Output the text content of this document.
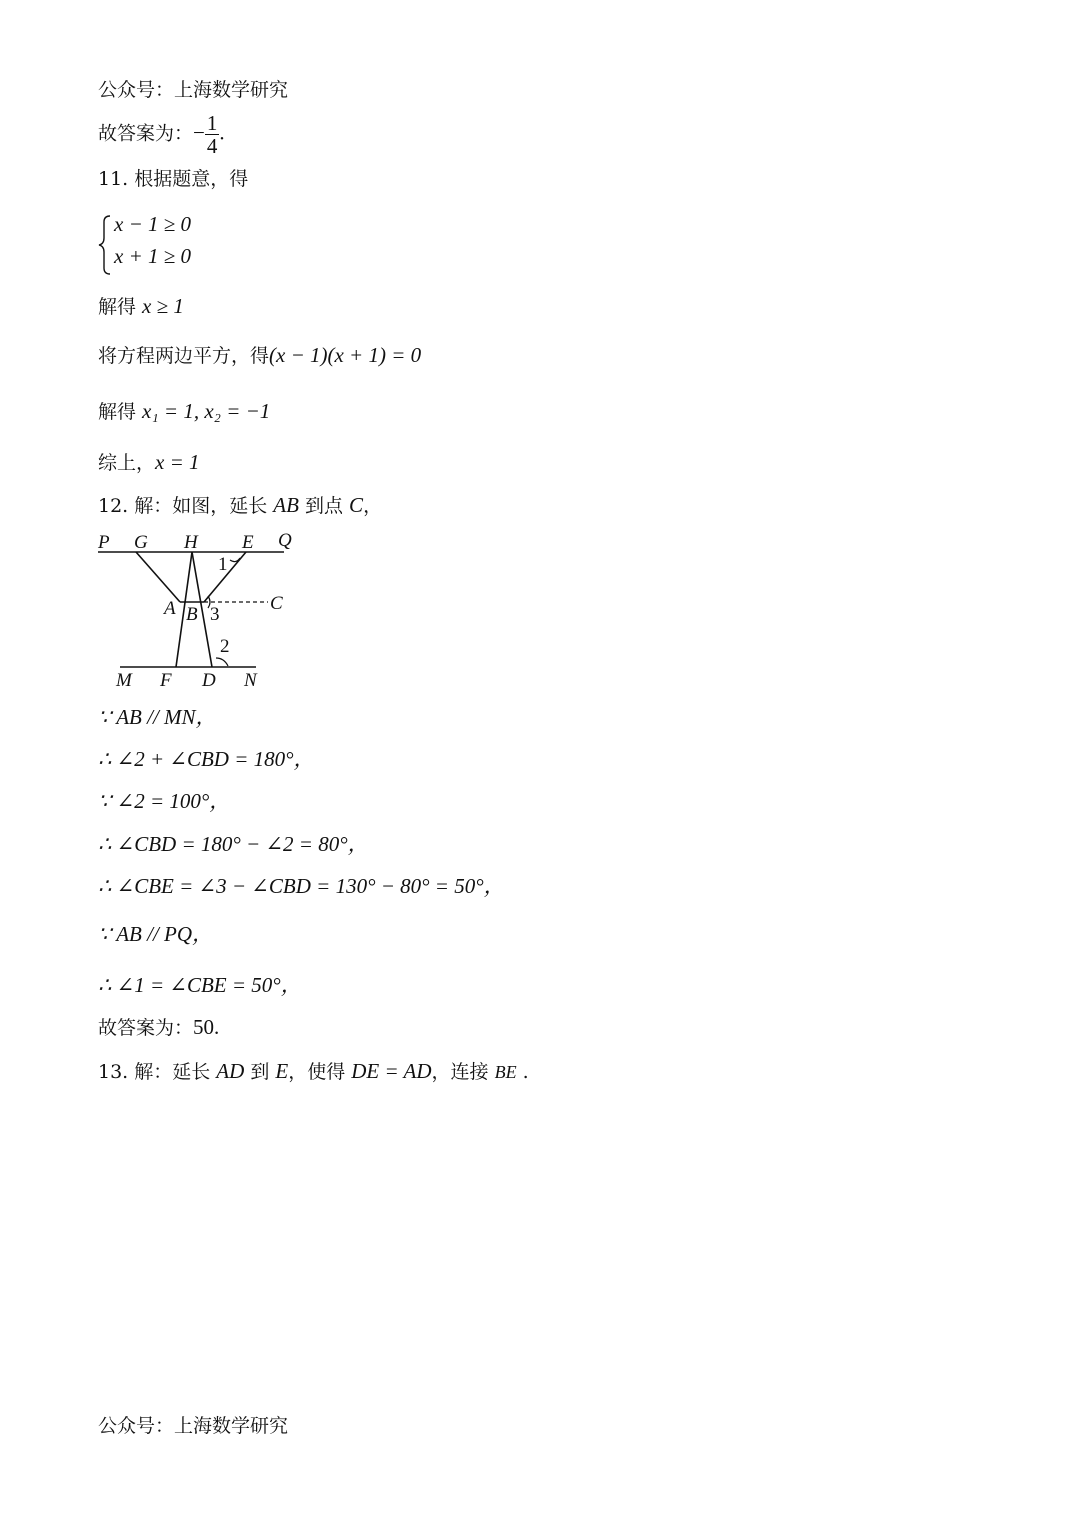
公众号：上海数学研究
故答案为：− $\frac{1}{4}$ .
11. 根据题意，得
x − 1 ≥ 0
x + 1 ≥ 0
解得 x ≥ 1
将方程两边平方，得(x − 1)(x + 1) = 0
解得 x₁ = 1, x₂ = −1
综上，x = 1
12. 解：如图，延长 AB 到点 C，
P G H E Q
1
A B 3
C
2
M F D N
∵ AB // MN，
∴ ∠2 + ∠CBD = 180°，
∵ ∠2 = 100°，
∴ ∠CBD = 180° − ∠2 = 80°，
∴ ∠CBE = ∠3 − ∠CBD = 130° − 80° = 50°，
∵ AB // PQ，
∴ ∠1 = ∠CBE = 50°，
故答案为：50.
13. 解：延长 AD 到 E，使得 DE = AD，连接 BE .
公众号：上海数学研究
